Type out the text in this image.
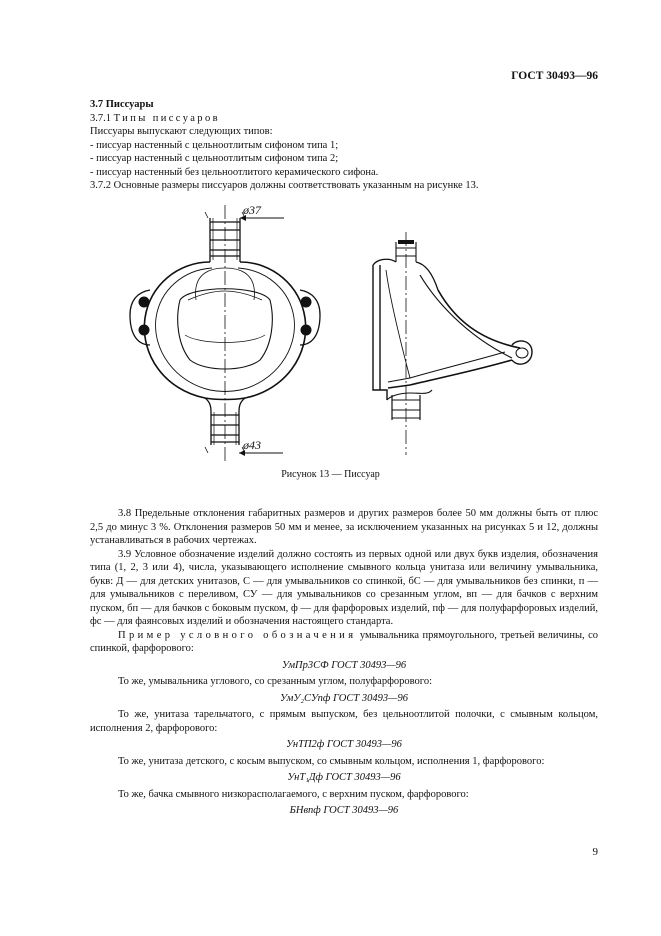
ГОСТ 30493—96

3.7 Писсуары

3.7.1 Типы писсуаров

Писсуары выпускают следующих типов:

- писсуар настенный с цельноотлитым сифоном типа 1;

- писсуар настенный с цельноотлитым сифоном типа 2;

- писсуар настенный без цельноотлитого керамического сифона.

3.7.2 Основные размеры писсуаров должны соответствовать указанным на рисунке 13.

ø37
ø43
Рисунок 13 — Писсуар

3.8 Предельные отклонения габаритных размеров и других размеров более 50 мм должны быть от плюс 2,5 до минус 3 %. Отклонения размеров 50 мм и менее, за исключением указанных на рисунках 5 и 12, должны устанавливаться в рабочих чертежах.

3.9 Условное обозначение изделий должно состоять из первых одной или двух букв изделия, обозначения типа (1, 2, 3 или 4), числа, указывающего исполнение смывного кольца унитаза или величину умывальника, букв: Д — для детских унитазов, С — для умывальников со спинкой, бС — для умывальников без спинки, п — для умывальников с переливом, СУ — для умывальников со срезанным углом, вп — для бачков с верхним пуском, бп — для бачков с боковым пуском, ф — для фарфоровых изделий, пф — для полуфарфоровых изделий, фс — для фаянсовых изделий и обозначения настоящего стандарта.

Пример условного обозначения умывальника прямоугольного, третьей величины, со спинкой, фарфорового:

УмПр3СФ ГОСТ 30493—96

То же, умывальника углового, со срезанным углом, полуфарфорового:

УмУ₂СУпф ГОСТ 30493—96

То же, унитаза тарельчатого, с прямым выпуском, без цельноотлитой полочки, с смывным кольцом, исполнения 2, фарфорового:

УнТП2ф ГОСТ 30493—96

То же, унитаза детского, с косым выпуском, со смывным кольцом, исполнения 1, фарфорового:

УнТ₁Дф ГОСТ 30493—96

То же, бачка смывного низкорасполагаемого, с верхним пуском, фарфорового:

БНвпф ГОСТ 30493—96

9
